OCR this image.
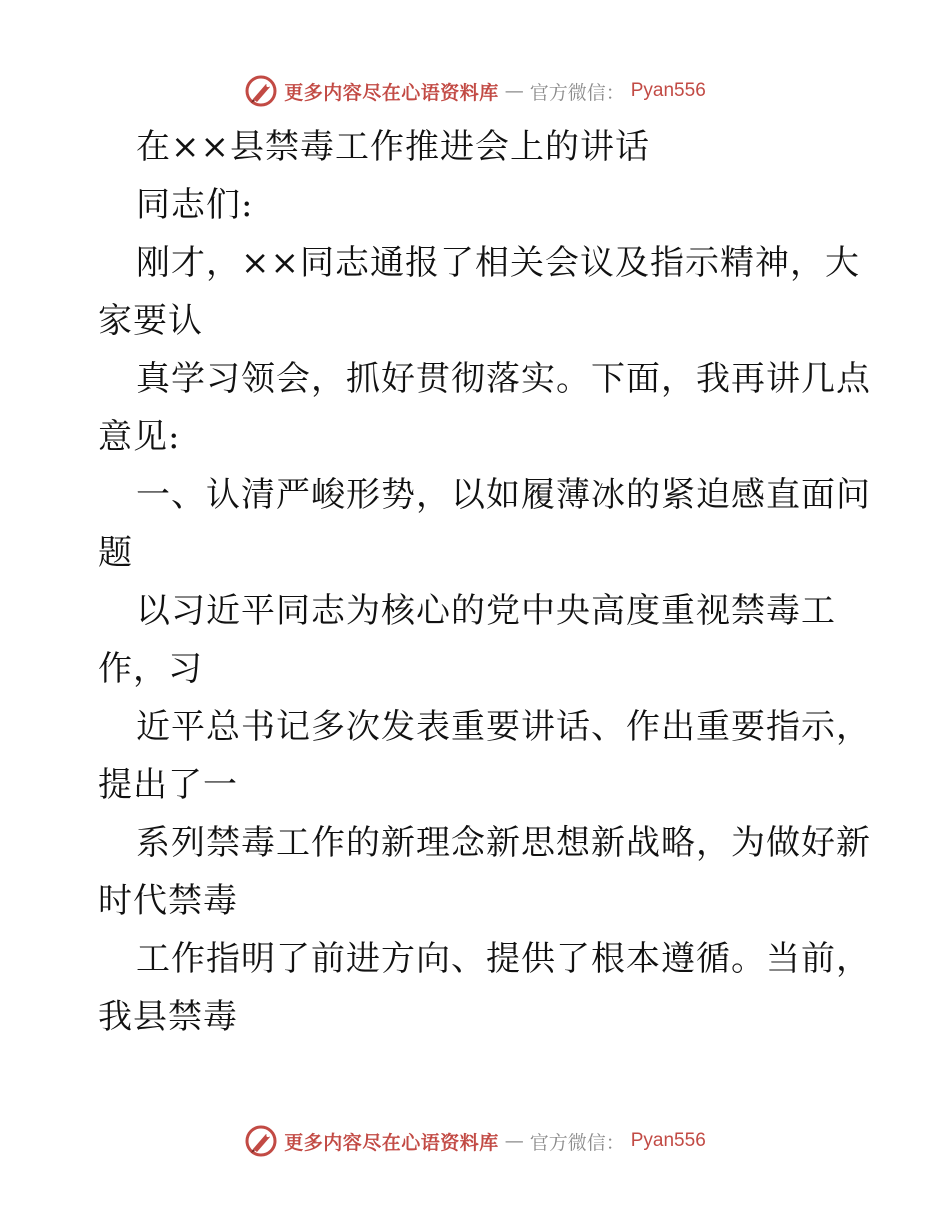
更多内容尽在心语资料库 — 官方微信： Pyan556
在××县禁毒工作推进会上的讲话
同志们:
刚才，××同志通报了相关会议及指示精神，大
家要认
真学习领会，抓好贯彻落实。下面，我再讲几点
意见:
一、认清严峻形势，以如履薄冰的紧迫感直面问
题
以习近平同志为核心的党中央高度重视禁毒工
作，习
近平总书记多次发表重要讲话、作出重要指示，
提出了一
系列禁毒工作的新理念新思想新战略，为做好新
时代禁毒
工作指明了前进方向、提供了根本遵循。当前，
我县禁毒
更多内容尽在心语资料库 — 官方微信： Pyan556
